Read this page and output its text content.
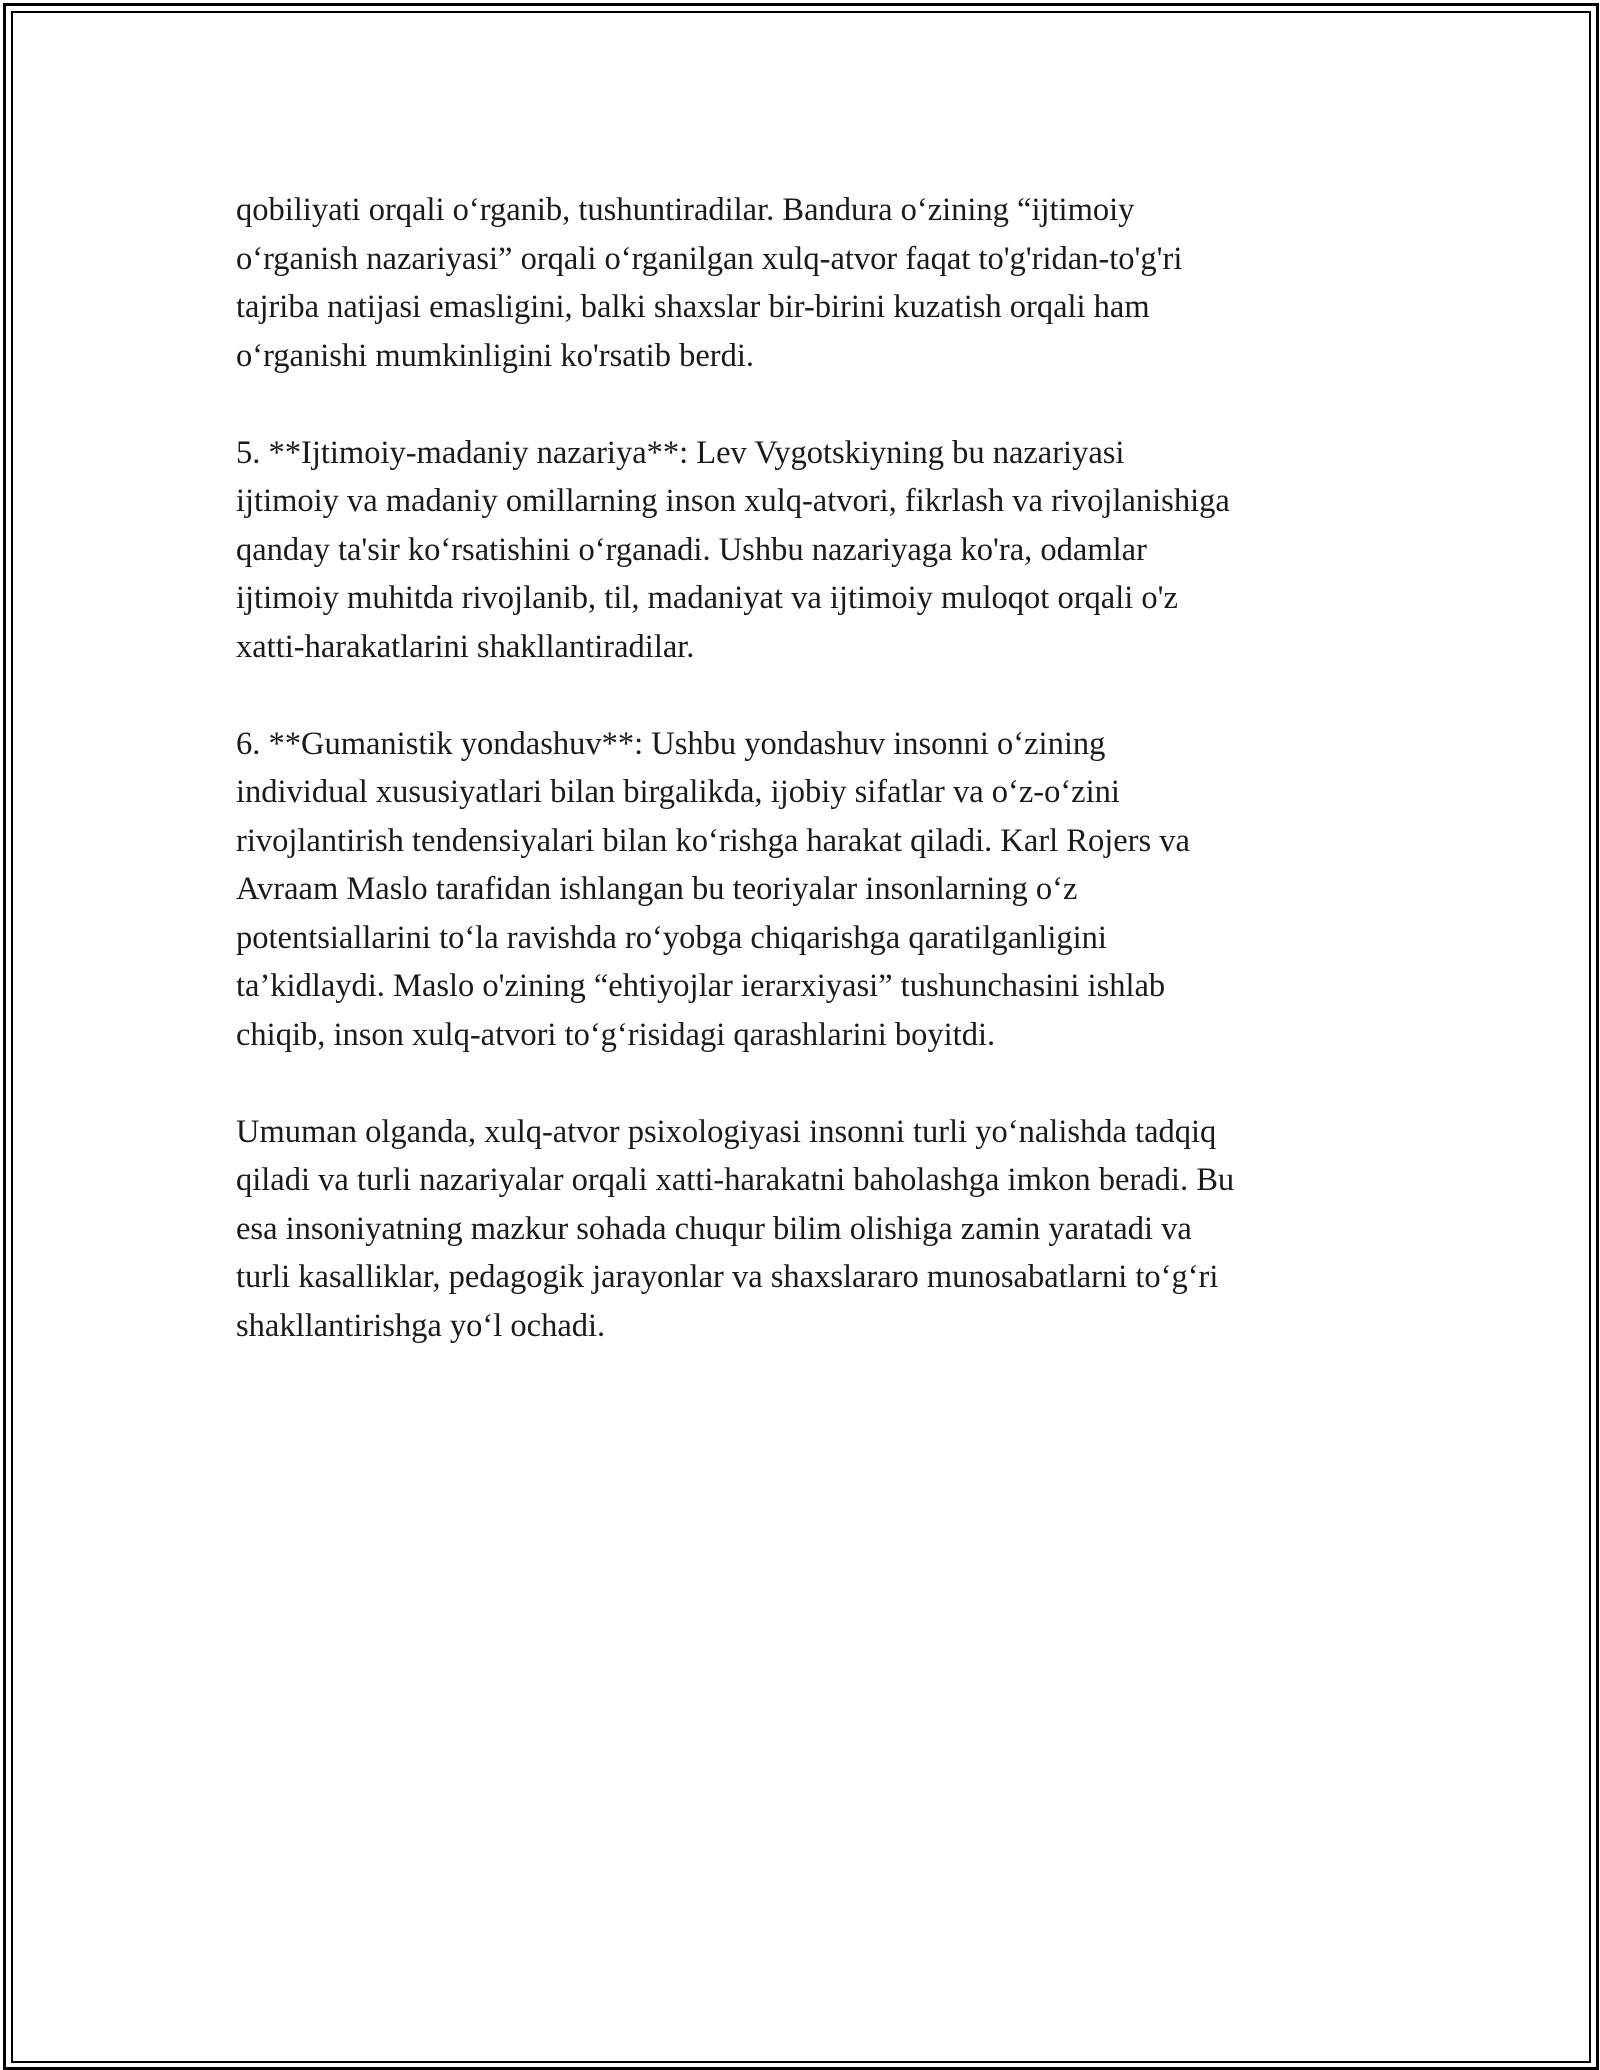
qobiliyati orqali o‘rganib, tushuntiradilar. Bandura o‘zining “ijtimoiy
o‘rganish nazariyasi” orqali o‘rganilgan xulq-atvor faqat to'g'ridan-to'g'ri
tajriba natijasi emasligini, balki shaxslar bir-birini kuzatish orqali ham
o‘rganishi mumkinligini ko'rsatib berdi.

5. **Ijtimoiy-madaniy nazariya**: Lev Vygotskiyning bu nazariyasi
ijtimoiy va madaniy omillarning inson xulq-atvori, fikrlash va rivojlanishiga
qanday ta'sir ko‘rsatishini o‘rganadi. Ushbu nazariyaga ko'ra, odamlar
ijtimoiy muhitda rivojlanib, til, madaniyat va ijtimoiy muloqot orqali o'z
xatti-harakatlarini shakllantiradilar.

6. **Gumanistik yondashuv**: Ushbu yondashuv insonni o‘zining
individual xususiyatlari bilan birgalikda, ijobiy sifatlar va o‘z-o‘zini
rivojlantirish tendensiyalari bilan ko‘rishga harakat qiladi. Karl Rojers va
Avraam Maslo tarafidan ishlangan bu teoriyalar insonlarning o‘z
potentsiallarini to‘la ravishda ro‘yobga chiqarishga qaratilganligini
ta’kidlaydi. Maslo o'zining “ehtiyojlar ierarxiyasi” tushunchasini ishlab
chiqib, inson xulq-atvori to‘g‘risidagi qarashlarini boyitdi.

Umuman olganda, xulq-atvor psixologiyasi insonni turli yo‘nalishda tadqiq
qiladi va turli nazariyalar orqali xatti-harakatni baholashga imkon beradi. Bu
esa insoniyatning mazkur sohada chuqur bilim olishiga zamin yaratadi va
turli kasalliklar, pedagogik jarayonlar va shaxslararo munosabatlarni to‘g‘ri
shakllantirishga yo‘l ochadi.
